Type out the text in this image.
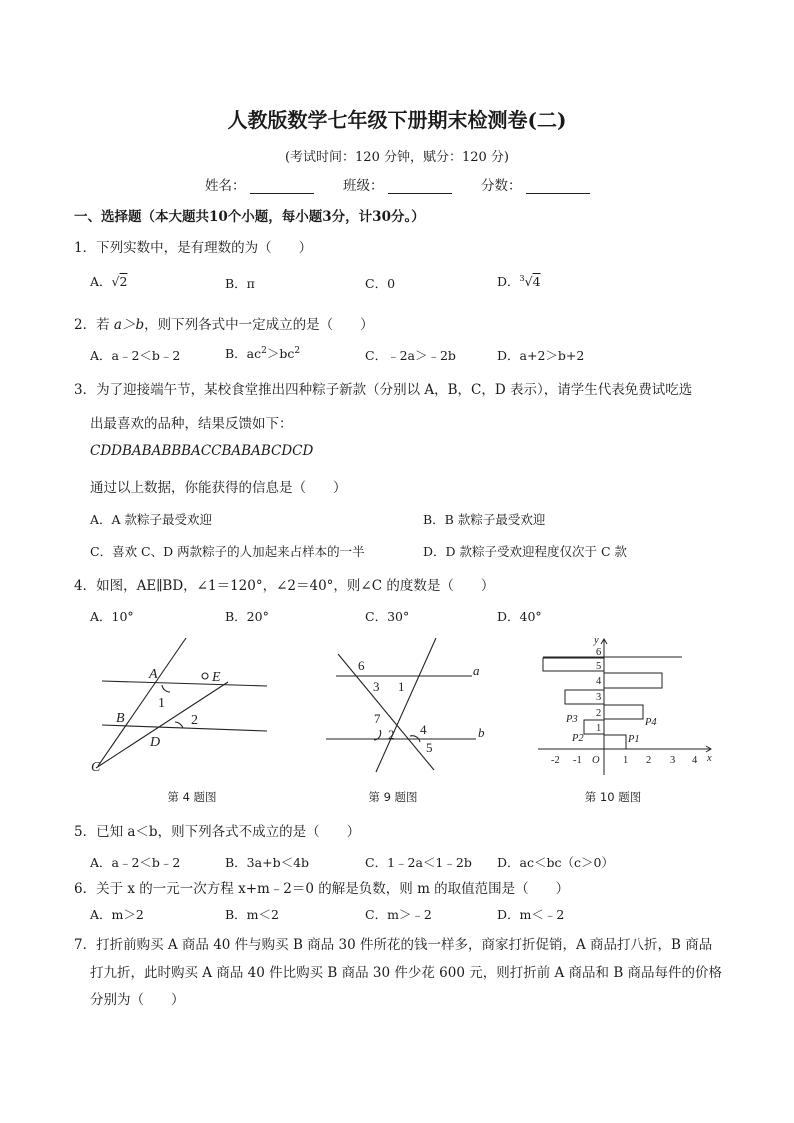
人教版数学七年级下册期末检测卷(二)
(考试时间：120 分钟，赋分：120 分)
姓名：	班级：	分数：
一、选择题（本大题共10个小题，每小题3分，计30分。）
1．下列实数中，是有理数的为（　　）
A．√2	B．π	C．0	D．$^3$√4
2．若 a＞b，则下列各式中一定成立的是（　　）
A．a﹣2＜b﹣2	B．$ac^2>bc^2$	C．﹣2a＞﹣2b	D．a+2＞b+2
3．为了迎接端午节，某校食堂推出四种粽子新款（分别以 A，B，C，D 表示），请学生代表免费试吃选
出最喜欢的品种，结果反馈如下：
CDDBABABBBACCBABABCDCD
通过以上数据，你能获得的信息是（　　）
A．A 款粽子最受欢迎	B．B 款粽子最受欢迎
C．喜欢 C、D 两款粽子的人加起来占样本的一半	D．D 款粽子受欢迎程度仅次于 C 款
4．如图，AE∥BD，∠1＝120°，∠2＝40°，则∠C 的度数是（　　）
A．10°	B．20°	C．30°	D．40°
A	E
1
2
B
D
C
第 4 题图
6
3 1
a
7
4
2
5
b
第 9 题图
6
5
4
3
2
1
-2 -1 O 1 2 3 4 x
y
P3	P4
P2	P1
第 10 题图
5．已知 a＜b，则下列各式不成立的是（　　）
A．a﹣2＜b﹣2	B．3a+b＜4b	C．1﹣2a＜1﹣2b D．ac＜bc（c＞0）
6．关于 x 的一元一次方程 x+m﹣2＝0 的解是负数，则 m 的取值范围是（　　）
A．m＞2	B．m＜2	C．m＞﹣2	D．m＜﹣2
7．打折前购买 A 商品 40 件与购买 B 商品 30 件所花的钱一样多，商家打折促销，A 商品打八折，B 商品
打九折，此时购买 A 商品 40 件比购买 B 商品 30 件少花 600 元，则打折前 A 商品和 B 商品每件的价格
分别为（　　）
